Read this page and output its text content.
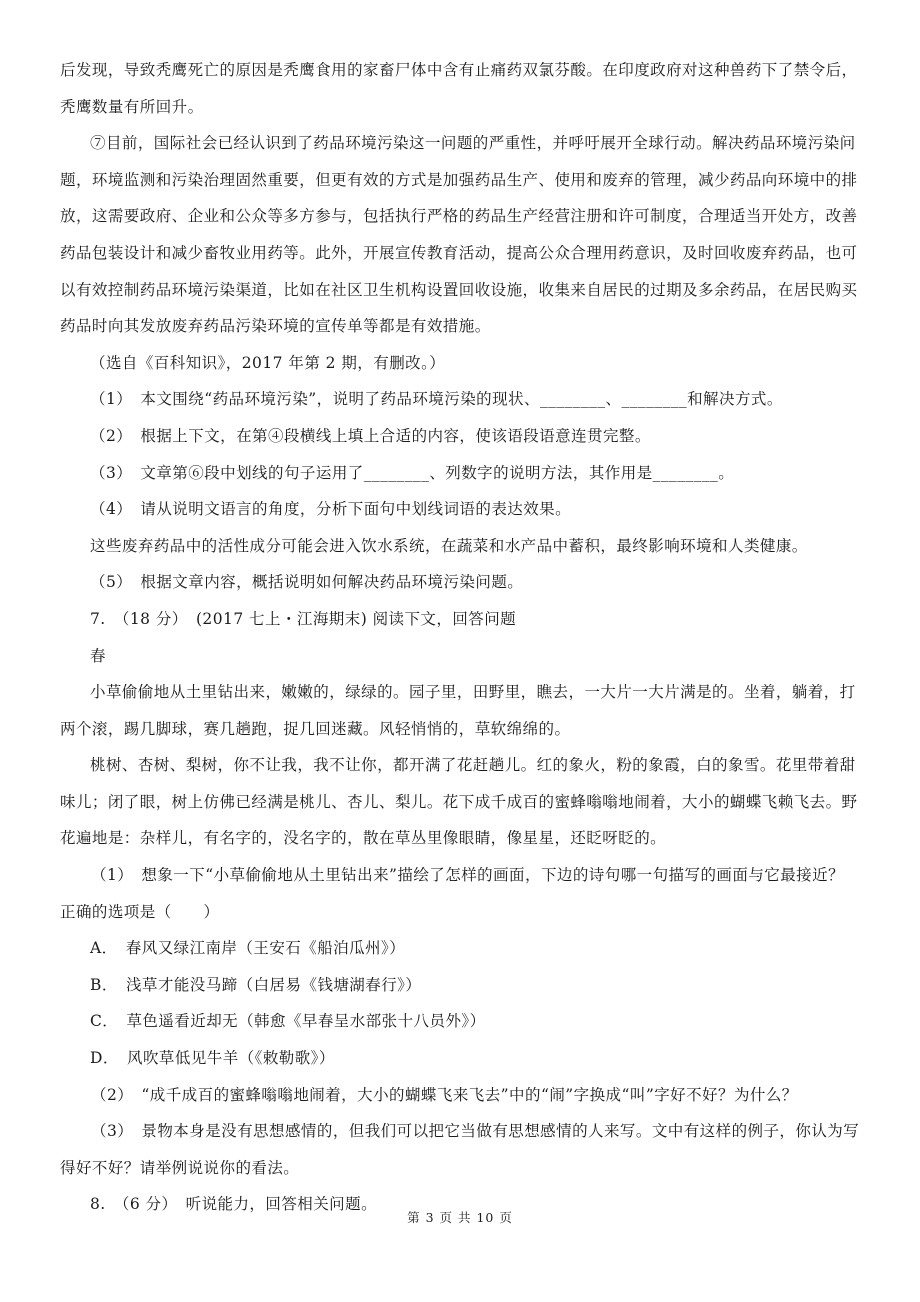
后发现，导致秃鹰死亡的原因是秃鹰食用的家畜尸体中含有止痛药双氯芬酸。在印度政府对这种兽药下了禁令后，
秃鹰数量有所回升。
⑦目前，国际社会已经认识到了药品环境污染这一问题的严重性，并呼吁展开全球行动。解决药品环境污染问
题，环境监测和污染治理固然重要，但更有效的方式是加强药品生产、使用和废弃的管理，减少药品向环境中的排
放，这需要政府、企业和公众等多方参与，包括执行严格的药品生产经营注册和许可制度，合理适当开处方，改善
药品包装设计和减少畜牧业用药等。此外，开展宣传教育活动，提高公众合理用药意识，及时回收废弃药品，也可
以有效控制药品环境污染渠道，比如在社区卫生机构设置回收设施，收集来自居民的过期及多余药品，在居民购买
药品时向其发放废弃药品污染环境的宣传单等都是有效措施。
（选自《百科知识》，2017 年第 2 期，有删改。）
（1）　本文围绕“药品环境污染”，说明了药品环境污染的现状、________、________和解决方式。
（2）　根据上下文，在第④段横线上填上合适的内容，使该语段语意连贯完整。
（3）　文章第⑥段中划线的句子运用了________、列数字的说明方法，其作用是________。
（4）　请从说明文语言的角度，分析下面句中划线词语的表达效果。
这些废弃药品中的活性成分可能会进入饮水系统，在蔬菜和水产品中蓄积，最终影响环境和人类健康。
（5）　根据文章内容，概括说明如何解决药品环境污染问题。
7.　（18 分）　(2017 七上・江海期末) 阅读下文，回答问题
春
小草偷偷地从土里钻出来，嫩嫩的，绿绿的。园子里，田野里，瞧去，一大片一大片满是的。坐着，躺着，打
两个滚，踢几脚球，赛几趟跑，捉几回迷藏。风轻悄悄的，草软绵绵的。
桃树、杏树、梨树，你不让我，我不让你，都开满了花赶趟儿。红的象火，粉的象霞，白的象雪。花里带着甜
味儿；闭了眼，树上仿佛已经满是桃儿、杏儿、梨儿。花下成千成百的蜜蜂嗡嗡地闹着，大小的蝴蝶飞赖飞去。野
花遍地是：杂样儿，有名字的，没名字的，散在草丛里像眼睛，像星星，还眨呀眨的。
（1）　想象一下“小草偷偷地从土里钻出来”描绘了怎样的画面，下边的诗句哪一句描写的画面与它最接近？
正确的选项是（　　）
A．　春风又绿江南岸（王安石《船泊瓜州》）
B．　浅草才能没马蹄（白居易《钱塘湖春行》）
C．　草色遥看近却无（韩愈《早春呈水部张十八员外》）
D．　风吹草低见牛羊（《敕勒歌》）
（2）　“成千成百的蜜蜂嗡嗡地闹着，大小的蝴蝶飞来飞去”中的“闹”字换成“叫”字好不好？为什么？
（3）　景物本身是没有思想感情的，但我们可以把它当做有思想感情的人来写。文中有这样的例子，你认为写
得好不好？请举例说说你的看法。
8.　（6 分）　听说能力，回答相关问题。
第 3 页 共 10 页
